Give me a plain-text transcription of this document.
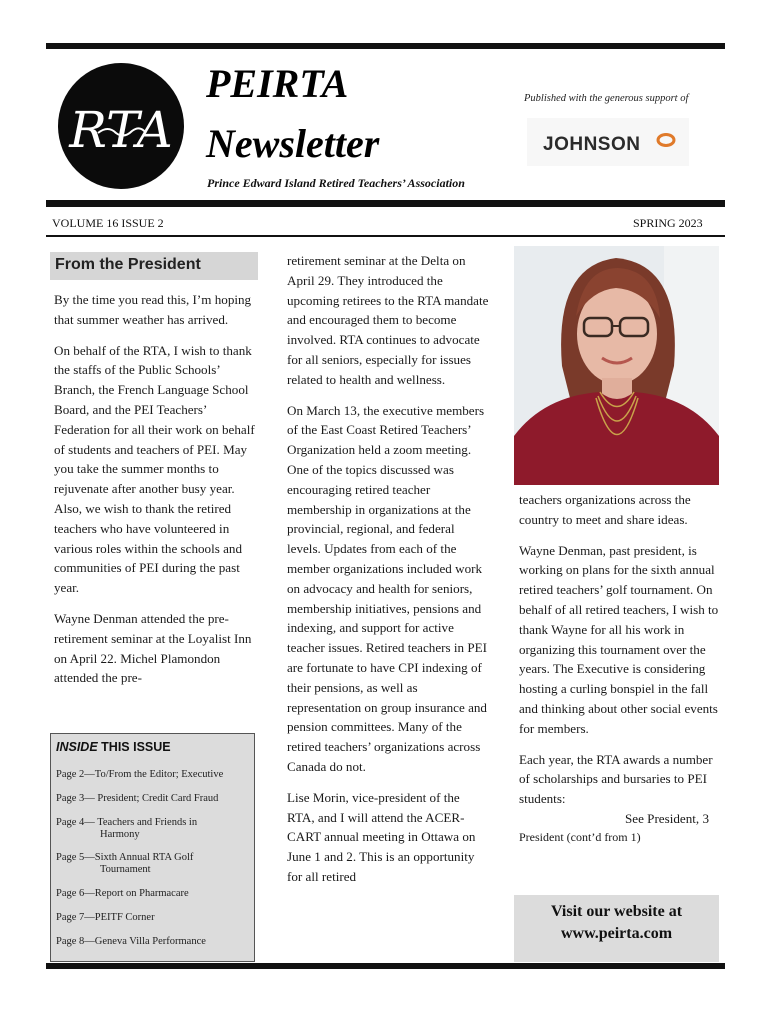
RTA
PEIRTA
Newsletter
Prince Edward Island Retired Teachers’ Association
Published with the generous support of
JOHNSON
VOLUME 16 ISSUE 2	SPRING 2023
From the President

By the time you read this, I’m hoping that summer weather has arrived.

On behalf of the RTA, I wish to thank the staffs of the Public Schools’ Branch, the French Language School Board, and the PEI Teachers’ Federation for all their work on behalf of students and teachers of PEI. May you take the summer months to rejuvenate after another busy year. Also, we wish to thank the retired teachers who have volunteered in various roles within the schools and communities of PEI during the past year.

Wayne Denman attended the pre-retirement seminar at the Loyalist Inn on April 22. Michel Plamondon attended the pre-

INSIDE THIS ISSUE
Page 2—To/From the Editor; Executive
Page 3— President; Credit Card Fraud
Page 4— Teachers and Friends in
Harmony
Page 5—Sixth Annual RTA Golf
Tournament
Page 6—Report on Pharmacare
Page 7—PEITF Corner
Page 8—Geneva Villa Performance

retirement seminar at the Delta on April 29. They introduced the upcoming retirees to the RTA mandate and encouraged them to become involved. RTA continues to advocate for all seniors, especially for issues related to health and wellness.

On March 13, the executive members of the East Coast Retired Teachers’ Organization held a zoom meeting. One of the topics discussed was encouraging retired teacher membership in organizations at the provincial, regional, and federal levels. Updates from each of the member organizations included work on advocacy and health for seniors, membership initiatives, pensions and indexing, and support for active teacher issues. Retired teachers in PEI are fortunate to have CPI indexing of their pensions, as well as representation on group insurance and pension committees. Many of the retired teachers’ organizations across Canada do not.

Lise Morin, vice-president of the RTA, and I will attend the ACER-CART annual meeting in Ottawa on June 1 and 2. This is an opportunity for all retired

teachers organizations across the country to meet and share ideas.

Wayne Denman, past president, is working on plans for the sixth annual retired teachers’ golf tournament. On behalf of all retired teachers, I wish to thank Wayne for all his work in organizing this tournament over the years. The Executive is considering hosting a curling bonspiel in the fall and thinking about other social events for members.

Each year, the RTA awards a number of scholarships and bursaries to PEI students:

See President, 3
President (cont’d from 1)
Visit our website at
www.peirta.com
